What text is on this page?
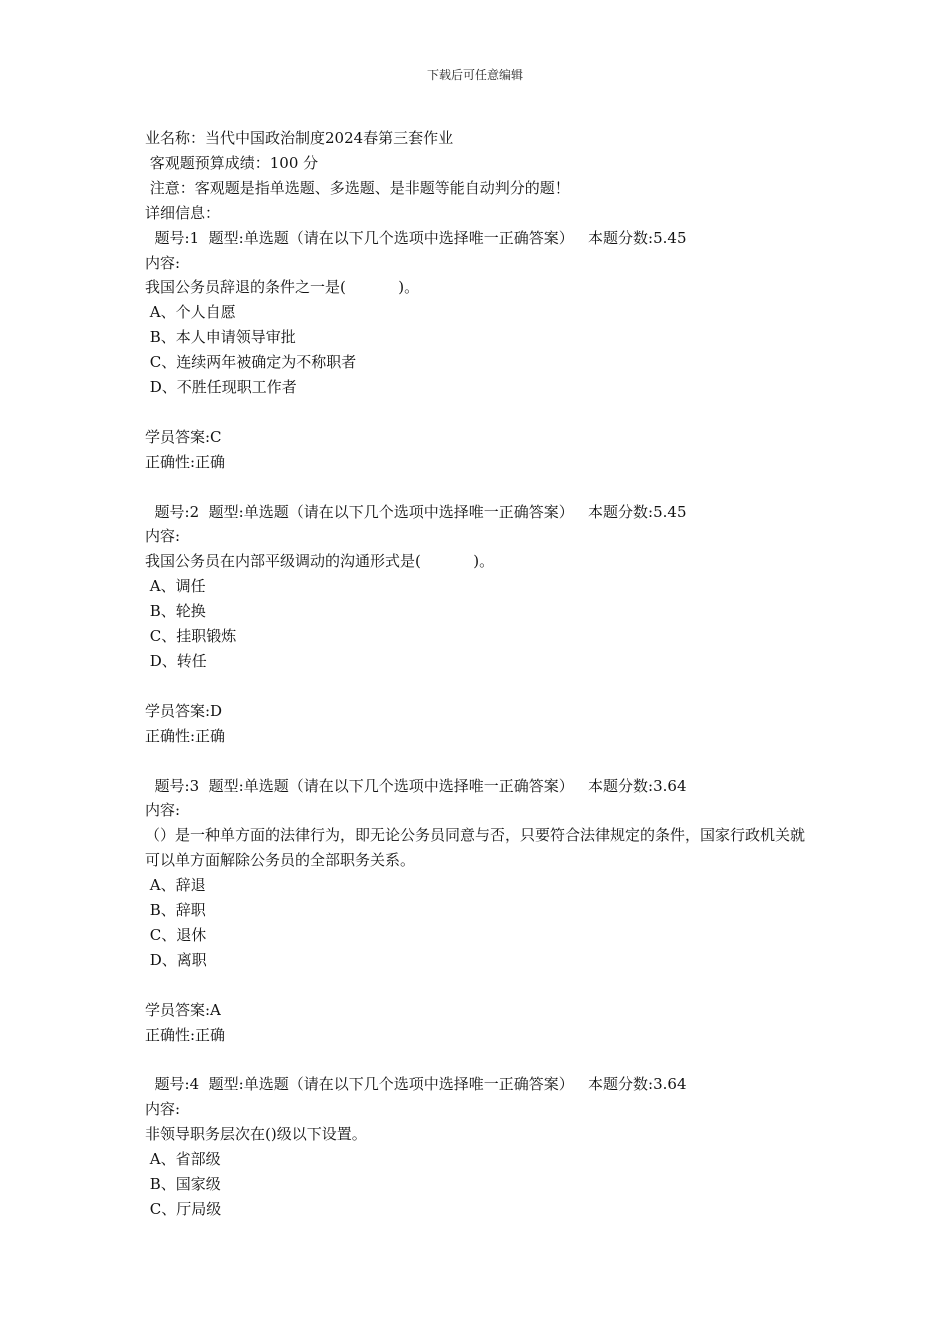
下载后可任意编辑
业名称：当代中国政治制度2024春第三套作业
客观题预算成绩：100 分
注意：客观题是指单选题、多选题、是非题等能自动判分的题！
详细信息：
题号:1  题型:单选题（请在以下几个选项中选择唯一正确答案）   本题分数:5.45
内容:
我国公务员辞退的条件之一是(           )。
A、个人自愿
B、本人申请领导审批
C、连续两年被确定为不称职者
D、不胜任现职工作者
学员答案:C
正确性:正确
题号:2  题型:单选题（请在以下几个选项中选择唯一正确答案）   本题分数:5.45
内容:
我国公务员在内部平级调动的沟通形式是(           )。
A、调任
B、轮换
C、挂职锻炼
D、转任
学员答案:D
正确性:正确
题号:3  题型:单选题（请在以下几个选项中选择唯一正确答案）   本题分数:3.64
内容:
（）是一种单方面的法律行为，即无论公务员同意与否，只要符合法律规定的条件，国家行政机关就可以单方面解除公务员的全部职务关系。
A、辞退
B、辞职
C、退休
D、离职
学员答案:A
正确性:正确
题号:4  题型:单选题（请在以下几个选项中选择唯一正确答案）   本题分数:3.64
内容:
非领导职务层次在()级以下设置。
A、省部级
B、国家级
C、厅局级
